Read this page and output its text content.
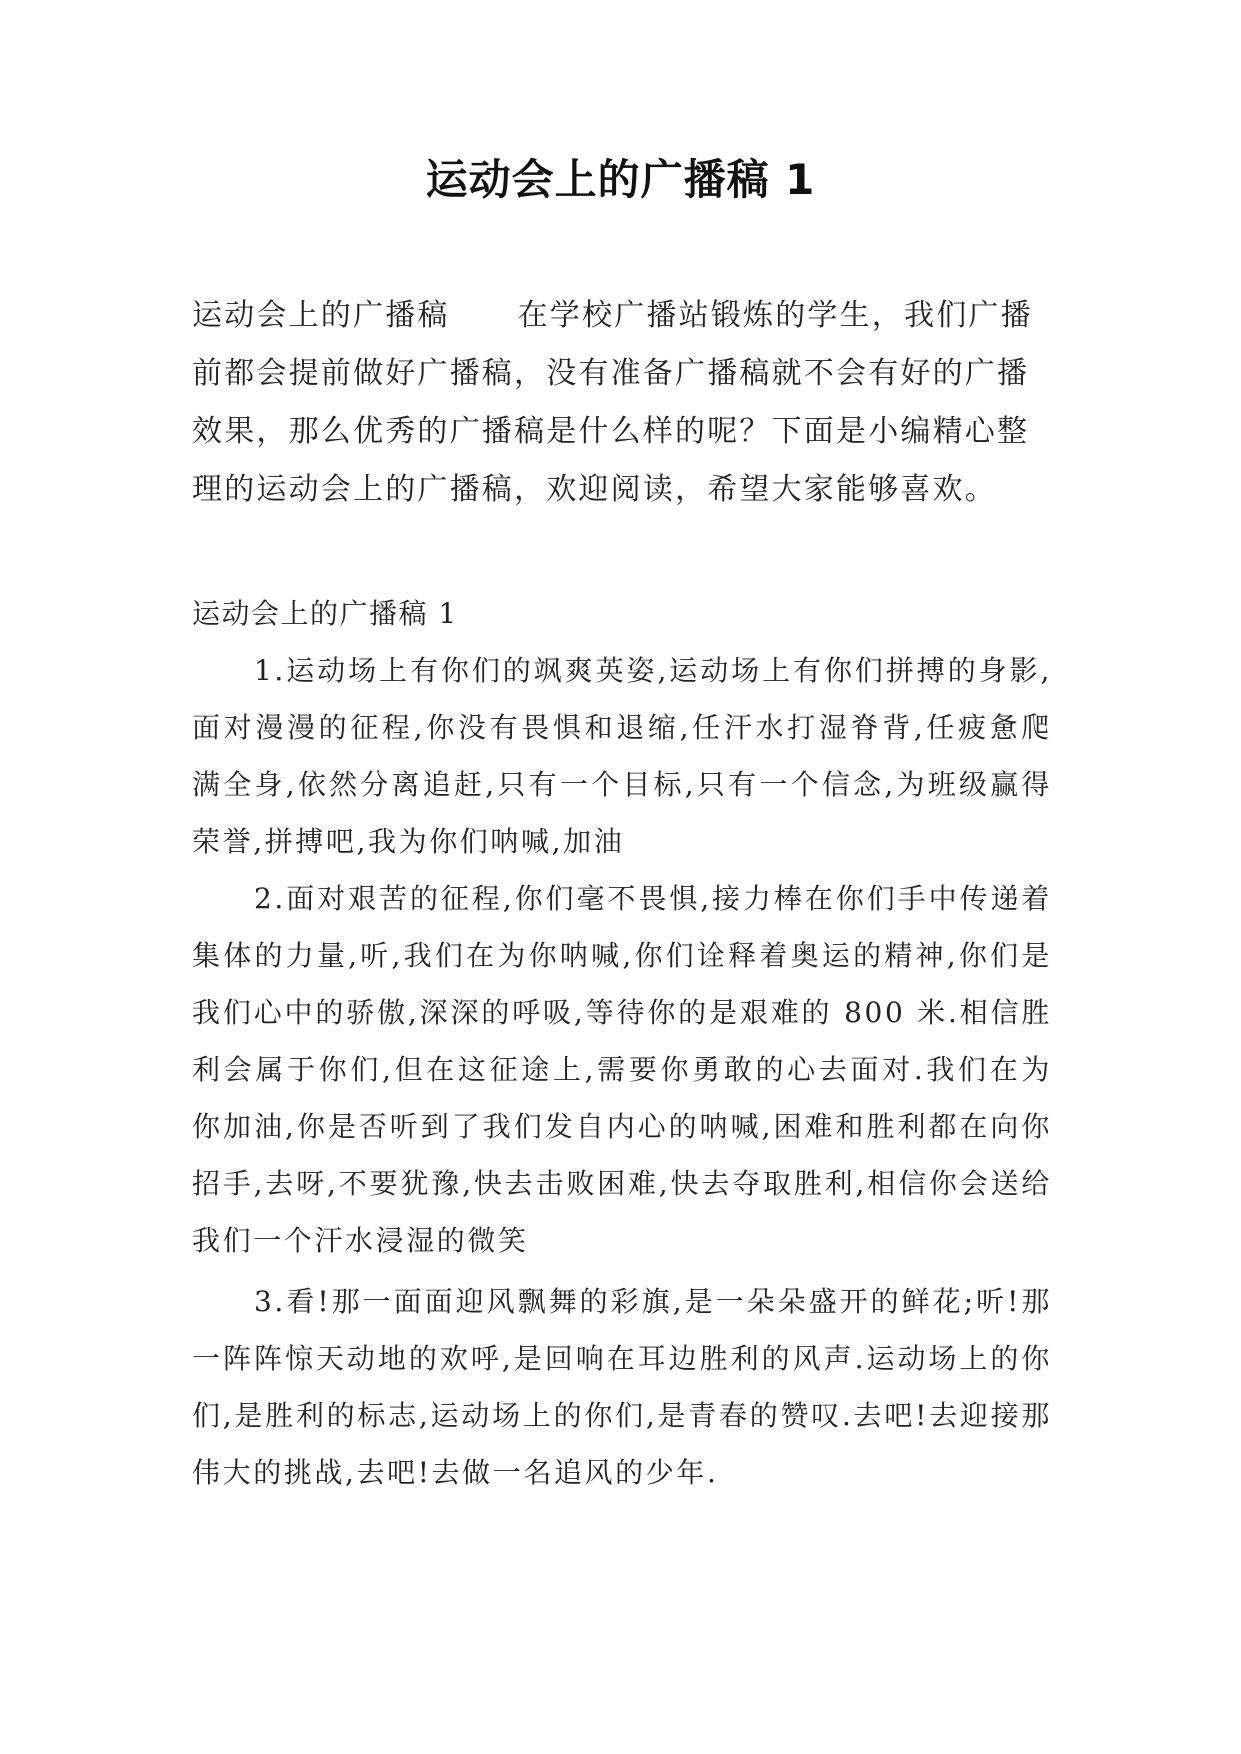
运动会上的广播稿 1

运动会上的广播稿 在学校广播站锻炼的学生，我们广播前都会提前做好广播稿，没有准备广播稿就不会有好的广播效果，那么优秀的广播稿是什么样的呢？下面是小编精心整理的运动会上的广播稿，欢迎阅读，希望大家能够喜欢。

运动会上的广播稿 1

1.运动场上有你们的飒爽英姿,运动场上有你们拼搏的身影,面对漫漫的征程,你没有畏惧和退缩,任汗水打湿脊背,任疲惫爬满全身,依然分离追赶,只有一个目标,只有一个信念,为班级赢得荣誉,拼搏吧,我为你们呐喊,加油

2.面对艰苦的征程,你们毫不畏惧,接力棒在你们手中传递着集体的力量,听,我们在为你呐喊,你们诠释着奥运的精神,你们是我们心中的骄傲,深深的呼吸,等待你的是艰难的 800 米.相信胜利会属于你们,但在这征途上,需要你勇敢的心去面对.我们在为你加油,你是否听到了我们发自内心的呐喊,困难和胜利都在向你招手,去呀,不要犹豫,快去击败困难,快去夺取胜利,相信你会送给我们一个汗水浸湿的微笑

3.看!那一面面迎风飘舞的彩旗,是一朵朵盛开的鲜花;听!那一阵阵惊天动地的欢呼,是回响在耳边胜利的风声.运动场上的你们,是胜利的标志,运动场上的你们,是青春的赞叹.去吧!去迎接那伟大的挑战,去吧!去做一名追风的少年.
